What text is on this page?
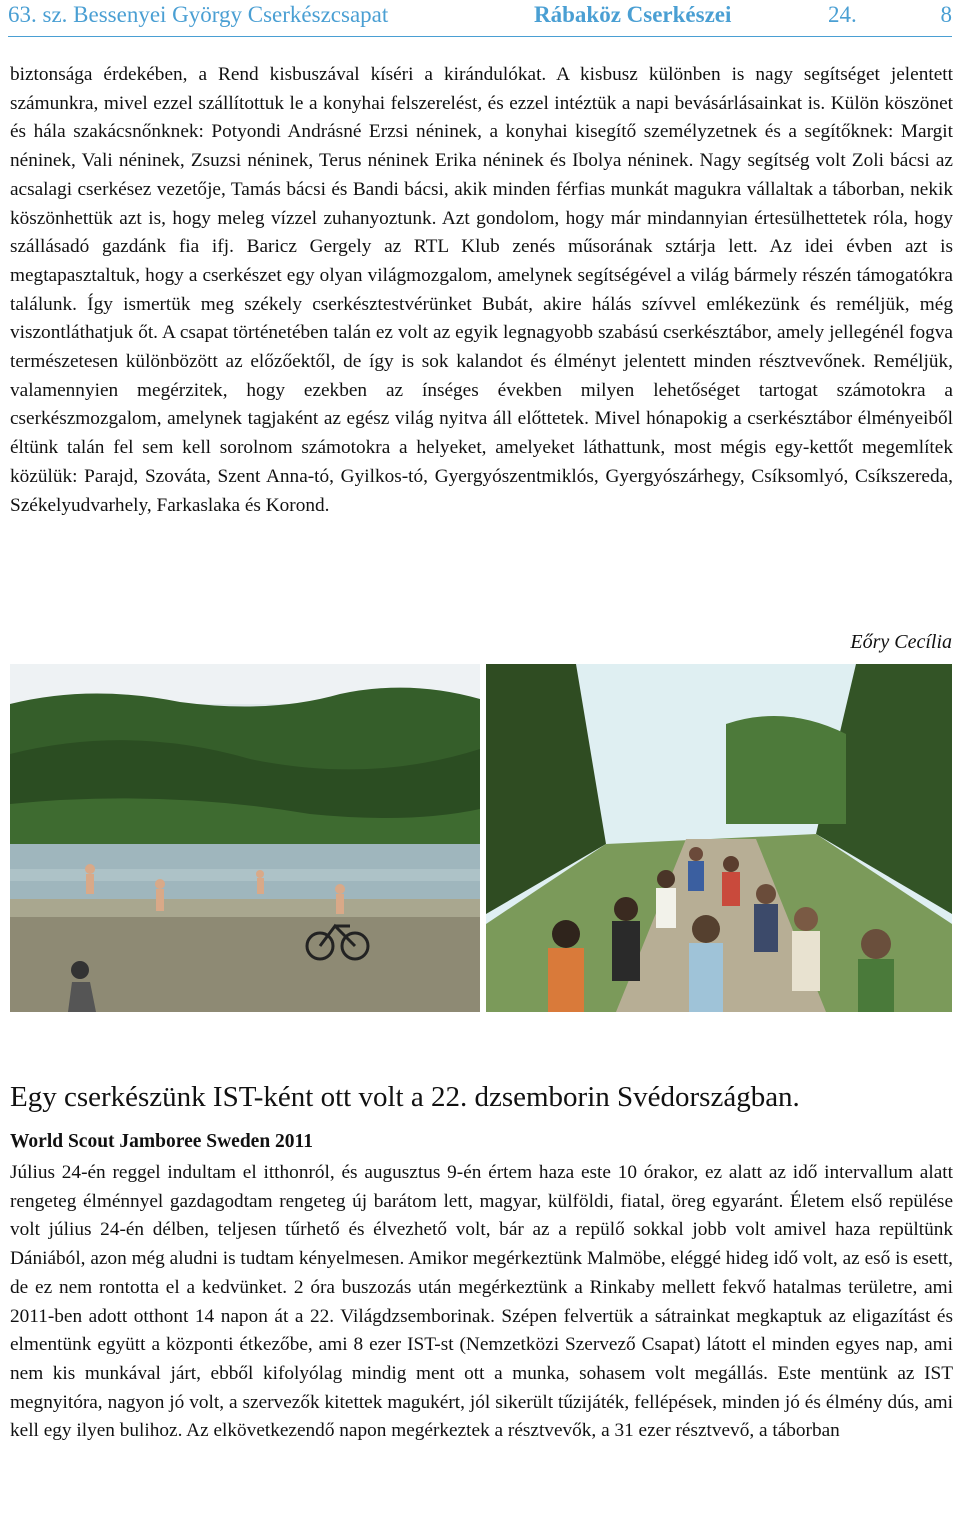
63. sz. Bessenyei György Cserkészcsapat	Rábaköz Cserkészei	24.	8

biztonsága érdekében, a Rend kisbuszával kíséri a kirándulókat. A kisbusz különben is nagy segítséget jelentett számunkra, mivel ezzel szállítottuk le a konyhai felszerelést, és ezzel intéztük a napi bevásárlásainkat is. Külön köszönet és hála szakácsnőnknek: Potyondi Andrásné Erzsi néninek, a konyhai kisegítő személyzetnek és a segítőknek: Margit néninek, Vali néninek, Zsuzsi néninek, Terus néninek Erika néninek és Ibolya néninek. Nagy segítség volt Zoli bácsi az acsalagi cserkésez vezetője, Tamás bácsi és Bandi bácsi, akik minden férfias munkát magukra vállaltak a táborban, nekik köszönhettük azt is, hogy meleg vízzel zuhanyoztunk. Azt gondolom, hogy már mindannyian értesülhettetek róla, hogy szállásadó gazdánk fia ifj. Baricz Gergely az RTL Klub zenés műsorának sztárja lett. Az idei évben azt is megtapasztaltuk, hogy a cserkészet egy olyan világmozgalom, amelynek segítségével a világ bármely részén támogatókra találunk. Így ismertük meg székely cserkésztestvérünket Bubát, akire hálás szívvel emlékezünk és reméljük, még viszontláthatjuk őt. A csapat történetében talán ez volt az egyik legnagyobb szabású cserkésztábor, amely jellegénél fogva természetesen különbözött az előzőektől, de így is sok kalandot és élményt jelentett minden résztvevőnek. Reméljük, valamennyien megérzitek, hogy ezekben az ínséges években milyen lehetőséget tartogat számotokra a cserkészmozgalom, amelynek tagjaként az egész világ nyitva áll előttetek. Mivel hónapokig a cserkésztábor élményeiből éltünk talán fel sem kell sorolnom számotokra a helyeket, amelyeket láthattunk, most mégis egy-kettőt megemlítek közülük: Parajd, Szováta, Szent Anna-tó, Gyilkos-tó, Gyergyószentmiklós, Gyergyószárhegy, Csíksomlyó, Csíkszereda, Székelyudvarhely, Farkaslaka és Korond.

Eőry Cecília
Egy cserkészünk IST-ként ott volt a 22. dzsemborin Svédországban.
World Scout Jamboree Sweden 2011

Július 24-én reggel indultam el itthonról, és augusztus 9-én értem haza este 10 órakor, ez alatt az idő intervallum alatt rengeteg élménnyel gazdagodtam rengeteg új barátom lett, magyar, külföldi, fiatal, öreg egyaránt. Életem első repülése volt július 24-én délben, teljesen tűrhető és élvezhető volt, bár az a repülő sokkal jobb volt amivel haza repültünk Dániából, azon még aludni is tudtam kényelmesen. Amikor megérkeztünk Malmöbe, eléggé hideg idő volt, az eső is esett, de ez nem rontotta el a kedvünket. 2 óra buszozás után megérkeztünk a Rinkaby mellett fekvő hatalmas területre, ami 2011-ben adott otthont 14 napon át a 22. Világdzsemborinak. Szépen felvertük a sátrainkat megkaptuk az eligazítást és elmentünk együtt a központi étkezőbe, ami 8 ezer IST-st (Nemzetközi Szervező Csapat) látott el minden egyes nap, ami nem kis munkával járt, ebből kifolyólag mindig ment ott a munka, sohasem volt megállás. Este mentünk az IST megnyitóra, nagyon jó volt, a szervezők kitettek magukért, jól sikerült tűzijáték, fellépések, minden jó és élmény dús, ami kell egy ilyen bulihoz. Az elkövetkezendő napon megérkeztek a résztvevők, a 31 ezer résztvevő, a táborban
